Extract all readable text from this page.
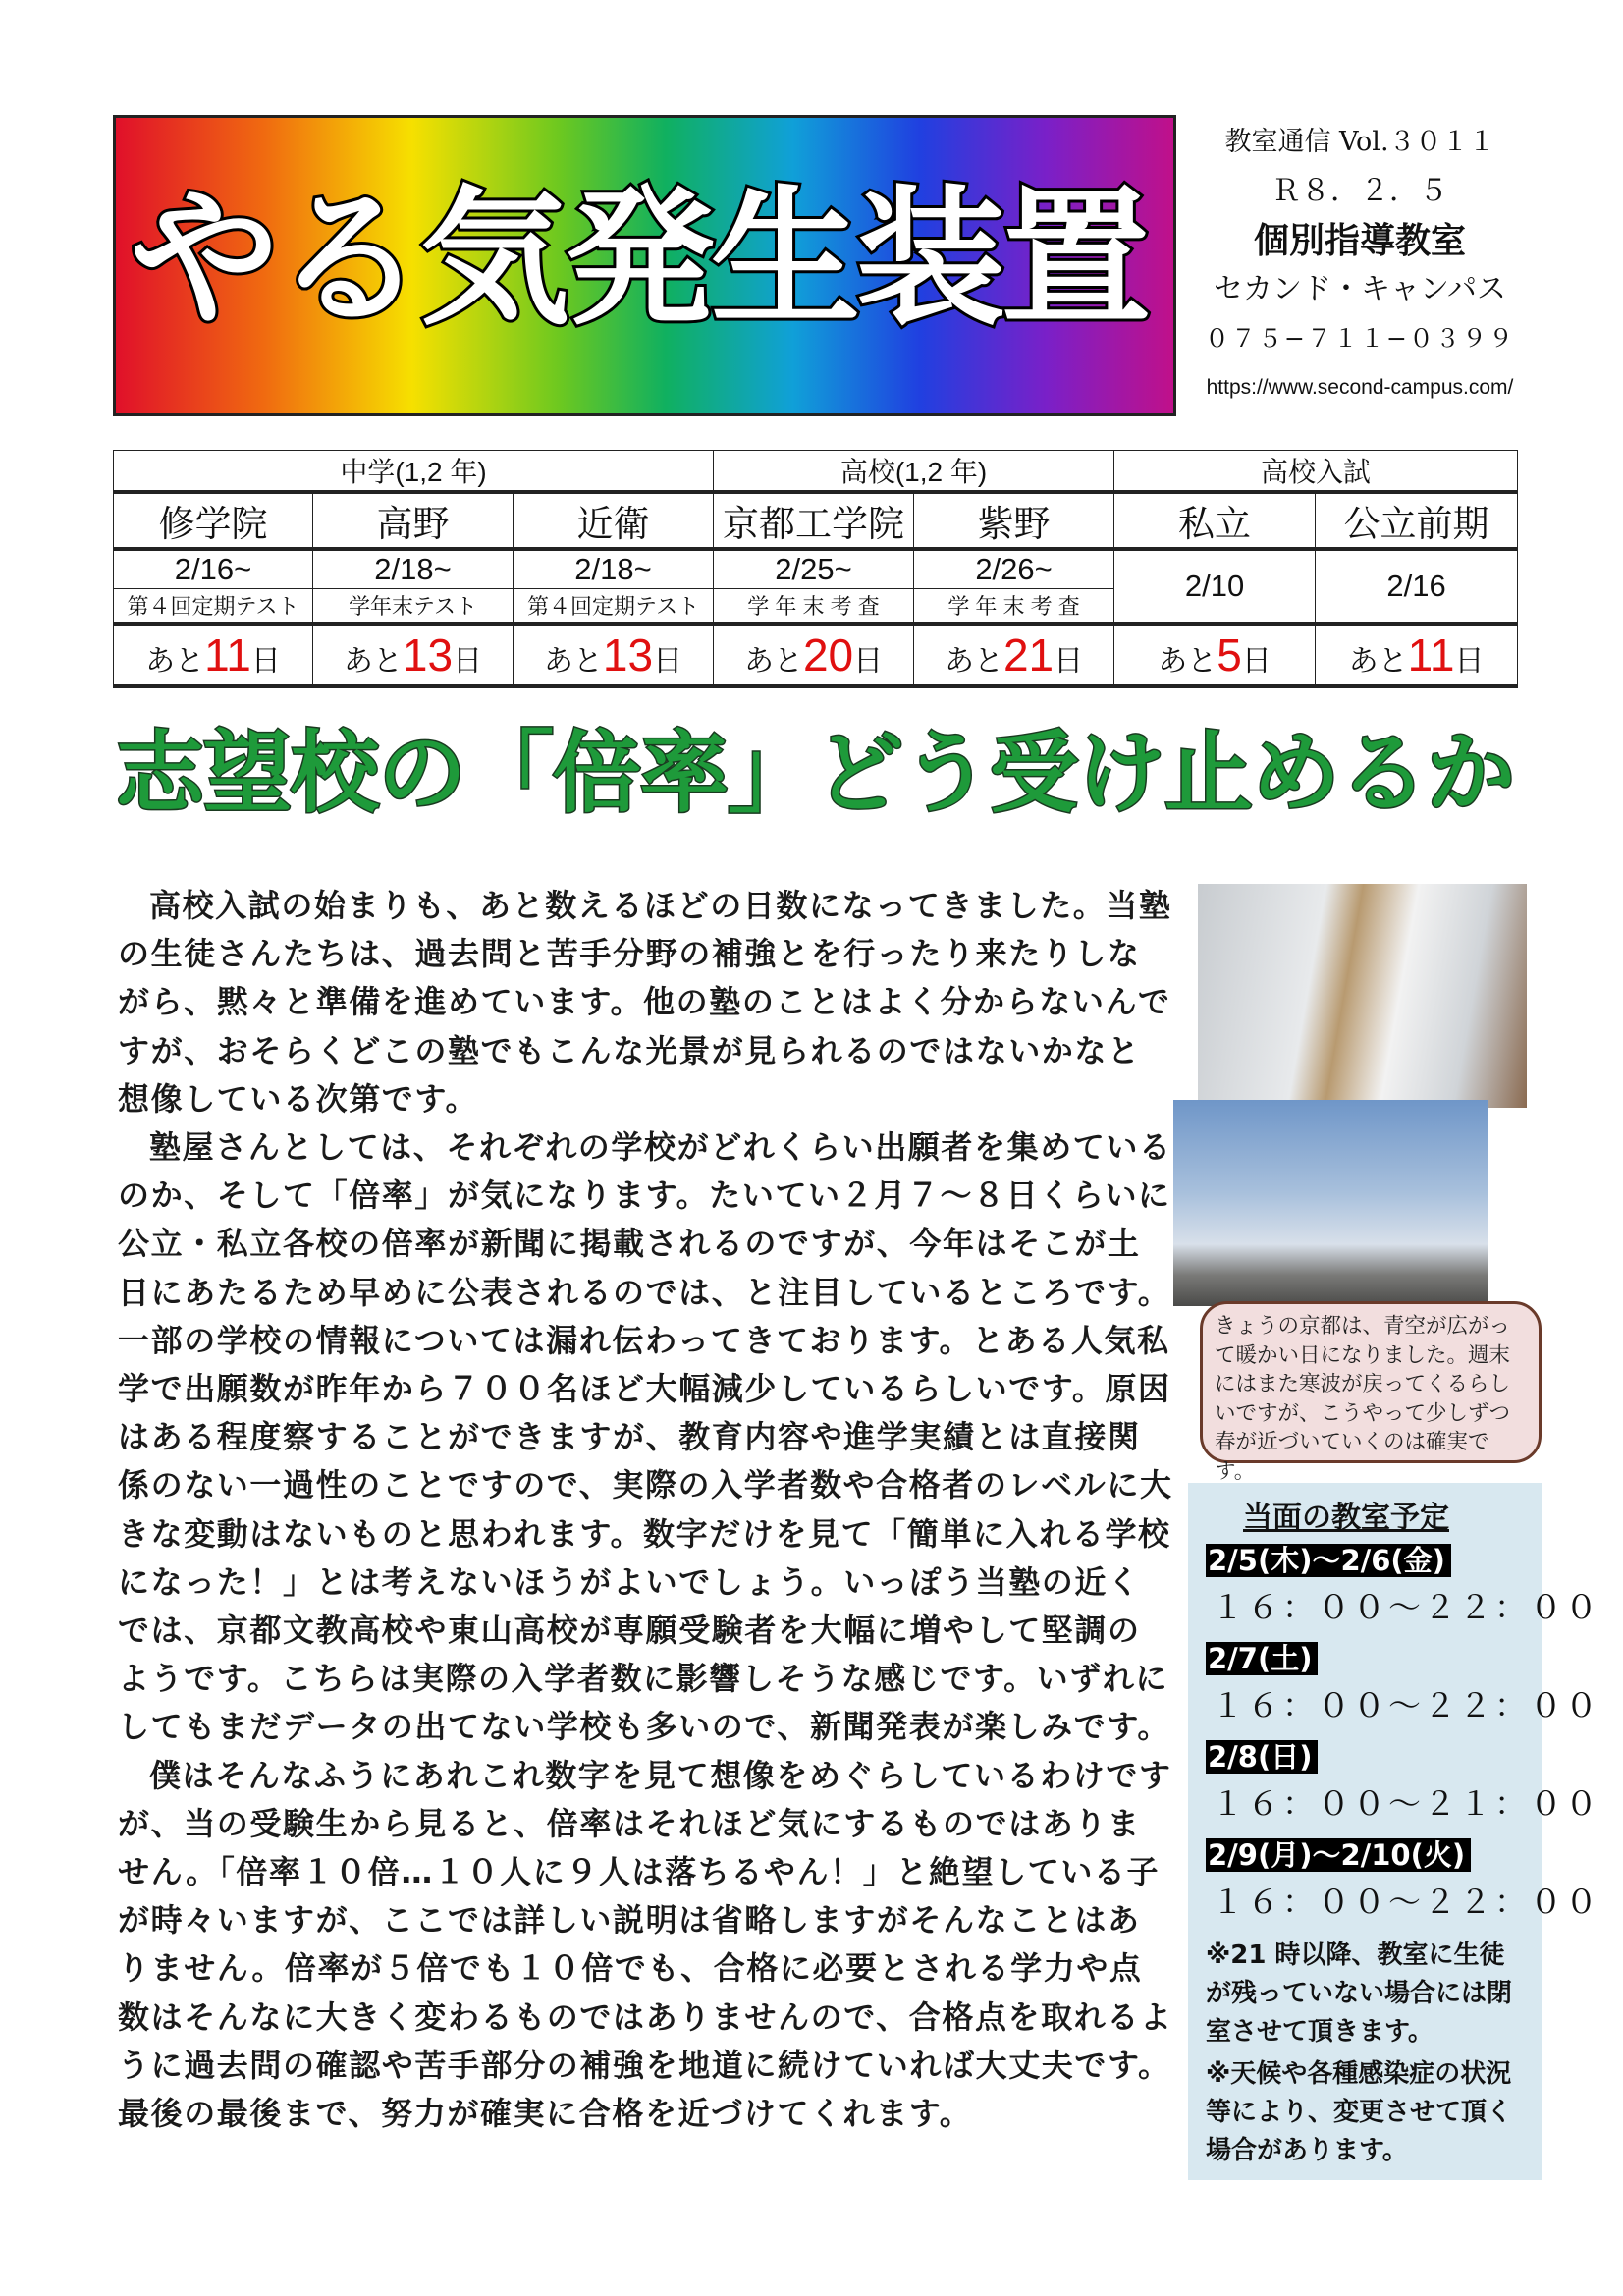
やる気発生装置
教室通信 Vol.３０１１
Ｒ８．２．５
個別指導教室
セカンド・キャンパス
０７５−７１１−０３９９
https://www.second-campus.com/
中学(1,2 年)			高校(1,2 年)		高校入試	
修学院	高野	近衛	京都工学院	紫野	私立	公立前期
2/16~	2/18~	2/18~	2/25~	2/26~	2/10	2/16
第４回定期テスト	学年末テスト	第４回定期テスト	学 年 末 考 査	学 年 末 考 査		
あと11日	あと13日	あと13日	あと20日	あと21日	あと5日	あと11日
志望校の「倍率」どう受け止めるか

高校入試の始まりも、あと数えるほどの日数になってきました。当塾の生徒さんたちは、過去問と苦手分野の補強とを行ったり来たりしながら、黙々と準備を進めています。他の塾のことはよく分からないんですが、おそらくどこの塾でもこんな光景が見られるのではないかなと想像している次第です。

塾屋さんとしては、それぞれの学校がどれくらい出願者を集めているのか、そして「倍率」が気になります。たいてい２月７～８日くらいに公立・私立各校の倍率が新聞に掲載されるのですが、今年はそこが土日にあたるため早めに公表されるのでは、と注目しているところです。一部の学校の情報については漏れ伝わってきております。とある人気私学で出願数が昨年から７００名ほど大幅減少しているらしいです。原因はある程度察することができますが、教育内容や進学実績とは直接関係のない一過性のことですので、実際の入学者数や合格者のレベルに大きな変動はないものと思われます。数字だけを見て「簡単に入れる学校になった！」とは考えないほうがよいでしょう。いっぽう当塾の近くでは、京都文教高校や東山高校が専願受験者を大幅に増やして堅調のようです。こちらは実際の入学者数に影響しそうな感じです。いずれにしてもまだデータの出てない学校も多いので、新聞発表が楽しみです。

僕はそんなふうにあれこれ数字を見て想像をめぐらしているわけですが、当の受験生から見ると、倍率はそれほど気にするものではありません。「倍率１０倍…１０人に９人は落ちるやん！」と絶望している子が時々いますが、ここでは詳しい説明は省略しますがそんなことはありません。倍率が５倍でも１０倍でも、合格に必要とされる学力や点数はそんなに大きく変わるものではありませんので、合格点を取れるように過去問の確認や苦手部分の補強を地道に続けていれば大丈夫です。最後の最後まで、努力が確実に合格を近づけてくれます。

きょうの京都は、青空が広がって暖かい日になりました。週末にはまた寒波が戻ってくるらしいですが、こうやって少しずつ春が近づいていくのは確実です。
当面の教室予定
2/5(木)～2/6(金)
１６：００～２２：００
2/7(土)
１６：００～２２：００
2/8(日)
１６：００～２１：００
2/9(月)～2/10(火)
１６：００～２２：００
※21 時以降、教室に生徒が残っていない場合には閉室させて頂きます。
※天候や各種感染症の状況等により、変更させて頂く場合があります。
